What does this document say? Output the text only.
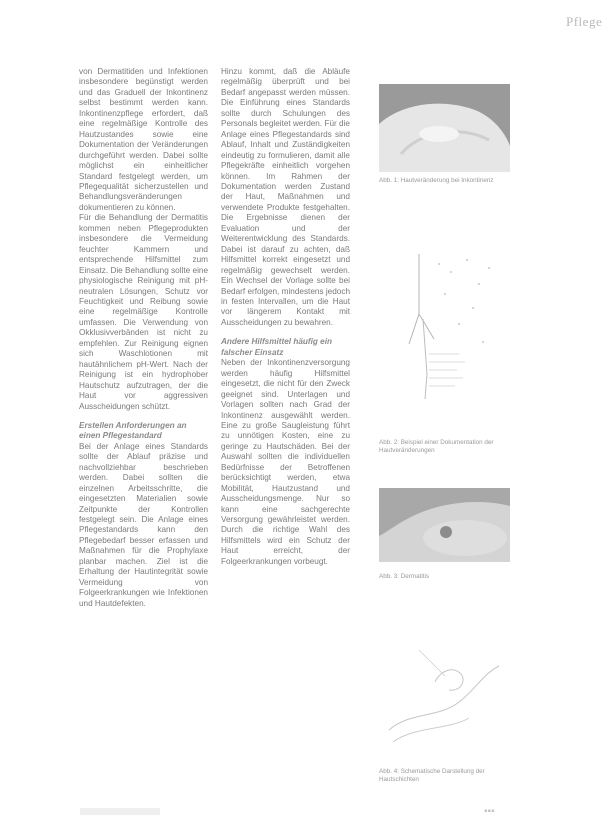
Pflege

von Dermatitiden und Infektionen insbesondere begünstigt werden und das Graduell der Inkontinenz selbst bestimmt werden kann. Inkontinenzpflege erfordert, daß eine regelmäßige Kontrolle des Hautzustandes sowie eine Dokumentation der Veränderungen durchgeführt werden. Dabei sollte möglichst ein einheitlicher Standard festgelegt werden, um Pflegequalität sicherzustellen und Behandlungsveränderungen dokumentieren zu können.

Für die Behandlung der Dermatitis kommen neben Pflegeprodukten insbesondere die Vermeidung feuchter Kammern und entsprechende Hilfsmittel zum Einsatz. Die Behandlung sollte eine physiologische Reinigung mit pH-neutralen Lösungen, Schutz vor Feuchtigkeit und Reibung sowie eine regelmäßige Kontrolle umfassen. Die Verwendung von Okklusivverbänden ist nicht zu empfehlen. Zur Reinigung eignen sich Waschlotionen mit hautähnlichem pH-Wert. Nach der Reinigung ist ein hydrophober Hautschutz aufzutragen, der die Haut vor aggressiven Ausscheidungen schützt.

Erstellen Anforderungen an einen Pflegestandard

Bei der Anlage eines Standards sollte der Ablauf präzise und nachvollziehbar beschrieben werden. Dabei sollten die einzelnen Arbeitsschritte, die eingesetzten Materialien sowie Zeitpunkte der Kontrollen festgelegt sein. Die Anlage eines Pflegestandards kann den Pflegebedarf besser erfassen und Maßnahmen für die Prophylaxe planbar machen. Ziel ist die Erhaltung der Hautintegrität sowie Vermeidung von Folgeerkrankungen wie Infektionen und Hautdefekten.

Hinzu kommt, daß die Abläufe regelmäßig überprüft und bei Bedarf angepasst werden müssen. Die Einführung eines Standards sollte durch Schulungen des Personals begleitet werden. Für die Anlage eines Pflegestandards sind Ablauf, Inhalt und Zuständigkeiten eindeutig zu formulieren, damit alle Pflegekräfte einheitlich vorgehen können. Im Rahmen der Dokumentation werden Zustand der Haut, Maßnahmen und verwendete Produkte festgehalten. Die Ergebnisse dienen der Evaluation und der Weiterentwicklung des Standards. Dabei ist darauf zu achten, daß Hilfsmittel korrekt eingesetzt und regelmäßig gewechselt werden. Ein Wechsel der Vorlage sollte bei Bedarf erfolgen, mindestens jedoch in festen Intervallen, um die Haut vor längerem Kontakt mit Ausscheidungen zu bewahren.

Andere Hilfsmittel häufig ein falscher Einsatz

Neben der Inkontinenzversorgung werden häufig Hilfsmittel eingesetzt, die nicht für den Zweck geeignet sind. Unterlagen und Vorlagen sollten nach Grad der Inkontinenz ausgewählt werden. Eine zu große Saugleistung führt zu unnötigen Kosten, eine zu geringe zu Hautschäden. Bei der Auswahl sollten die individuellen Bedürfnisse der Betroffenen berücksichtigt werden, etwa Mobilität, Hautzustand und Ausscheidungsmenge. Nur so kann eine sachgerechte Versorgung gewährleistet werden. Durch die richtige Wahl des Hilfsmittels wird ein Schutz der Haut erreicht, der Folgeerkrankungen vorbeugt.

Abb. 1: Hautveränderung bei Inkontinenz
Abb. 2: Beispiel einer Dokumentation der Hautveränderungen
Abb. 3: Dermatitis
Abb. 4: Schematische Darstellung der Hautschichten
▪▪▪
